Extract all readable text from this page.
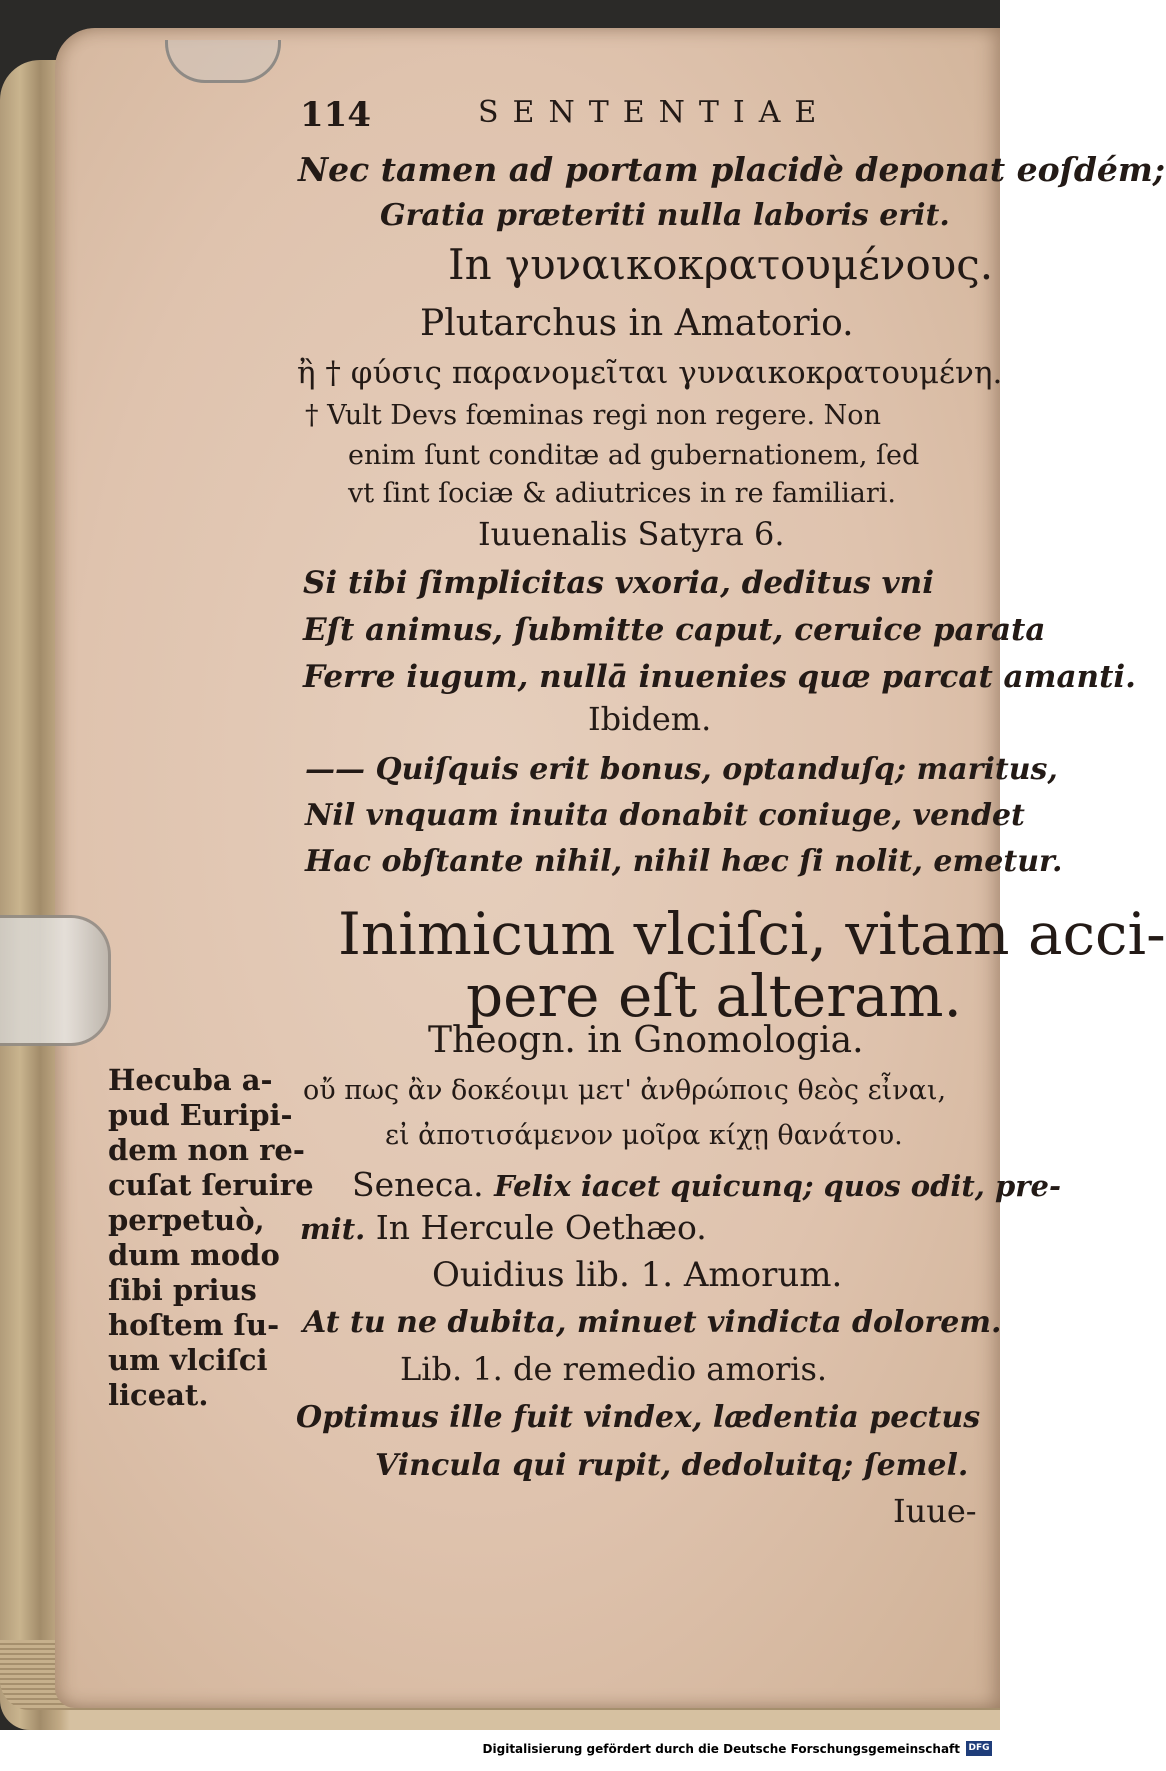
114	SENTENTIAE
Nec tamen ad portam placidè deponat eoſdém;
Gratia præteriti nulla laboris erit.
In γυναικοκρατουμένους.
Plutarchus in Amatorio.
ἢ † φύσις παρανομεῖται γυναικοκρατουμένη.
† Vult Devs fœminas regi non regere. Non
enim ſunt conditæ ad gubernationem, ſed
vt ſint ſociæ & adiutrices in re familiari.
Iuuenalis Satyra 6.
Si tibi ſimplicitas vxoria, deditus vni
Eſt animus, ſubmitte caput, ceruice parata
Ferre iugum, nullā inuenies quæ parcat amanti.
Ibidem.
—— Quiſquis erit bonus, optanduſq; maritus,
Nil vnquam inuita donabit coniuge, vendet
Hac obſtante nihil, nihil hæc ſi nolit, emetur.
Inimicum vlciſci, vitam acci-
pere eſt alteram.
Theogn. in Gnomologia.
οὔ πως ἂν δοκέοιμι μετ' ἀνθρώποις θεὸς εἶναι,
εἰ ἀποτισάμενον μοῖρα κίχῃ θανάτου.
Seneca. Felix iacet quicunq; quos odit, pre-
mit. In Hercule Oethæo.
Ouidius lib. 1. Amorum.
At tu ne dubita, minuet vindicta dolorem.
Lib. 1. de remedio amoris.
Optimus ille fuit vindex, lædentia pectus
Vincula qui rupit, dedoluitq; ſemel.
Iuue-
Hecuba a-
pud Euripi-
dem non re-
cuſat ſeruire
perpetuò,
dum modo
ſibi prius
hoſtem ſu-
um vlciſci
liceat.
Digitalisierung gefördert durch die Deutsche Forschungsgemeinschaft DFG
